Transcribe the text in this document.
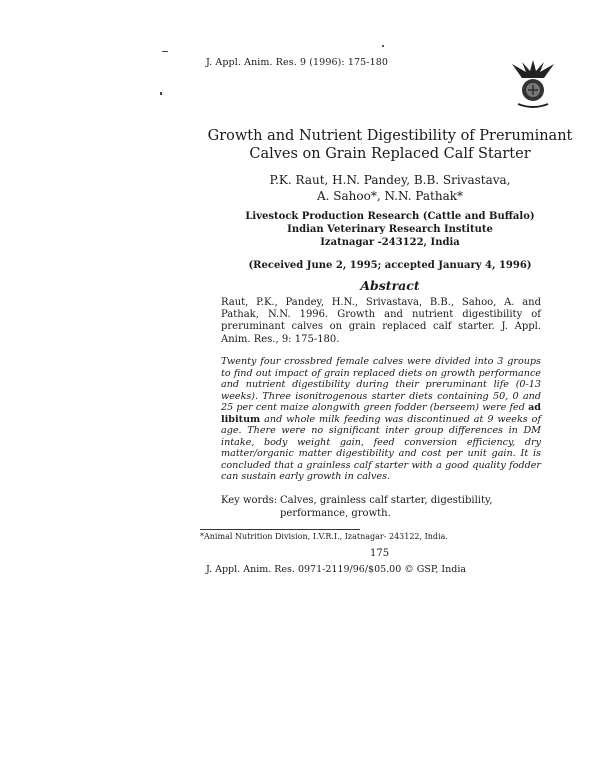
J. Appl. Anim. Res. 9 (1996): 175-180
Growth and Nutrient Digestibility of Preruminant
Calves on Grain Replaced Calf Starter
P.K. Raut, H.N. Pandey, B.B. Srivastava,
A. Sahoo*, N.N. Pathak*
Livestock Production Research (Cattle and Buffalo)
Indian Veterinary Research Institute
Izatnagar -243122, India
(Received June 2, 1995; accepted January 4, 1996)
Abstract
Raut, P.K., Pandey, H.N., Srivastava, B.B., Sahoo, A. and Pathak, N.N. 1996. Growth and nutrient digestibility of preruminant calves on grain replaced calf starter. J. Appl. Anim. Res., 9: 175-180.
Twenty four crossbred female calves were divided into 3 groups to find out impact of grain replaced diets on growth performance and nutrient digestibility during their preruminant life (0-13 weeks). Three isonitrogenous starter diets containing 50, 0 and 25 per cent maize alongwith green fodder (berseem) were fed ad libitum and whole milk feeding was discontinued at 9 weeks of age. There were no significant inter group differences in DM intake, body weight gain, feed conversion efficiency, dry matter/organic matter digestibility and cost per unit gain. It is concluded that a grainless calf starter with a good quality fodder can sustain early growth in calves.
Key words: Calves, grainless calf starter, digestibility, performance, growth.
*Animal Nutrition Division, I.V.R.I., Izatnagar- 243122, India.
175
J. Appl. Anim. Res. 0971-2119/96/$05.00 © GSP, India
